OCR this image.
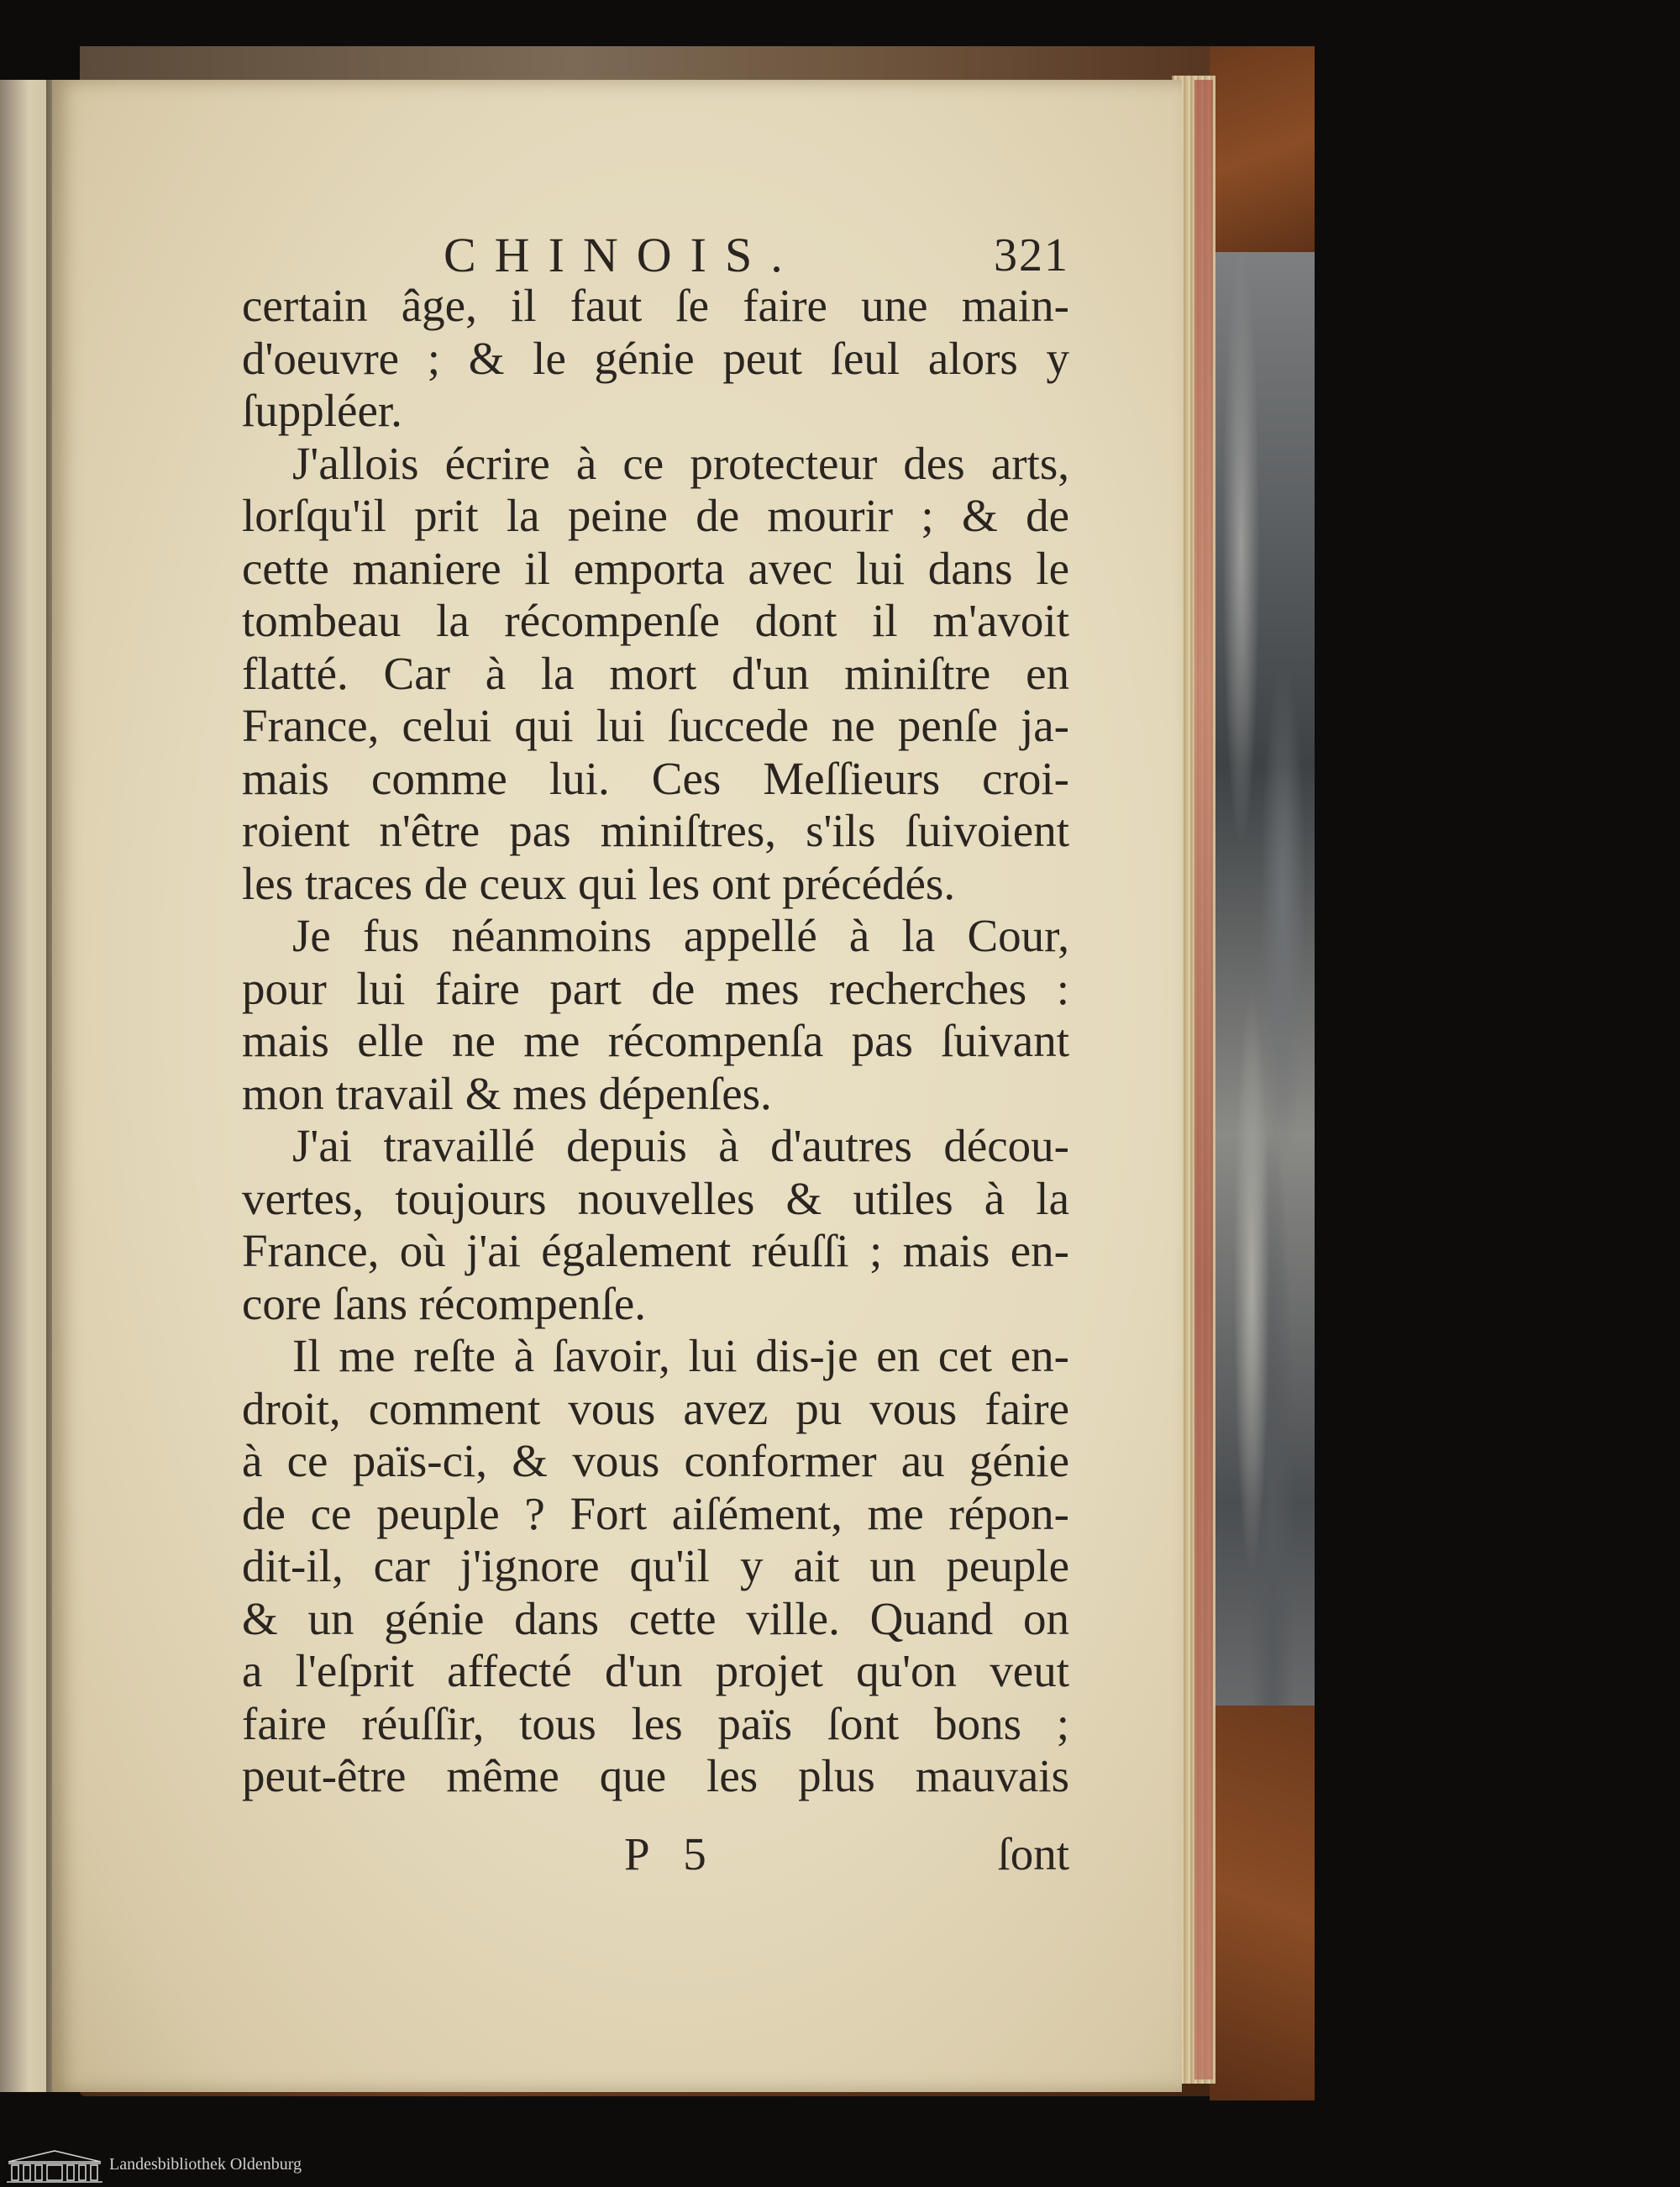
CHINOIS.	321
certain âge, il faut ſe faire une main-
d'oeuvre ; & le génie peut ſeul alors y
ſuppléer.
J'allois écrire à ce protecteur des arts,
lorſqu'il prit la peine de mourir ; & de
cette maniere il emporta avec lui dans le
tombeau la récompenſe dont il m'avoit
flatté. Car à la mort d'un miniſtre en
France, celui qui lui ſuccede ne penſe ja-
mais comme lui. Ces Meſſieurs croi-
roient n'être pas miniſtres, s'ils ſuivoient
les traces de ceux qui les ont précédés.
Je fus néanmoins appellé à la Cour,
pour lui faire part de mes recherches :
mais elle ne me récompenſa pas ſuivant
mon travail & mes dépenſes.
J'ai travaillé depuis à d'autres décou-
vertes, toujours nouvelles & utiles à la
France, où j'ai également réuſſi ; mais en-
core ſans récompenſe.
Il me reſte à ſavoir, lui dis-je en cet en-
droit, comment vous avez pu vous faire
à ce païs-ci, & vous conformer au génie
de ce peuple ? Fort aiſément, me répon-
dit-il, car j'ignore qu'il y ait un peuple
& un génie dans cette ville. Quand on
a l'eſprit affecté d'un projet qu'on veut
faire réuſſir, tous les païs ſont bons ;
peut-être même que les plus mauvais
P 5	ſont
Landesbibliothek Oldenburg
